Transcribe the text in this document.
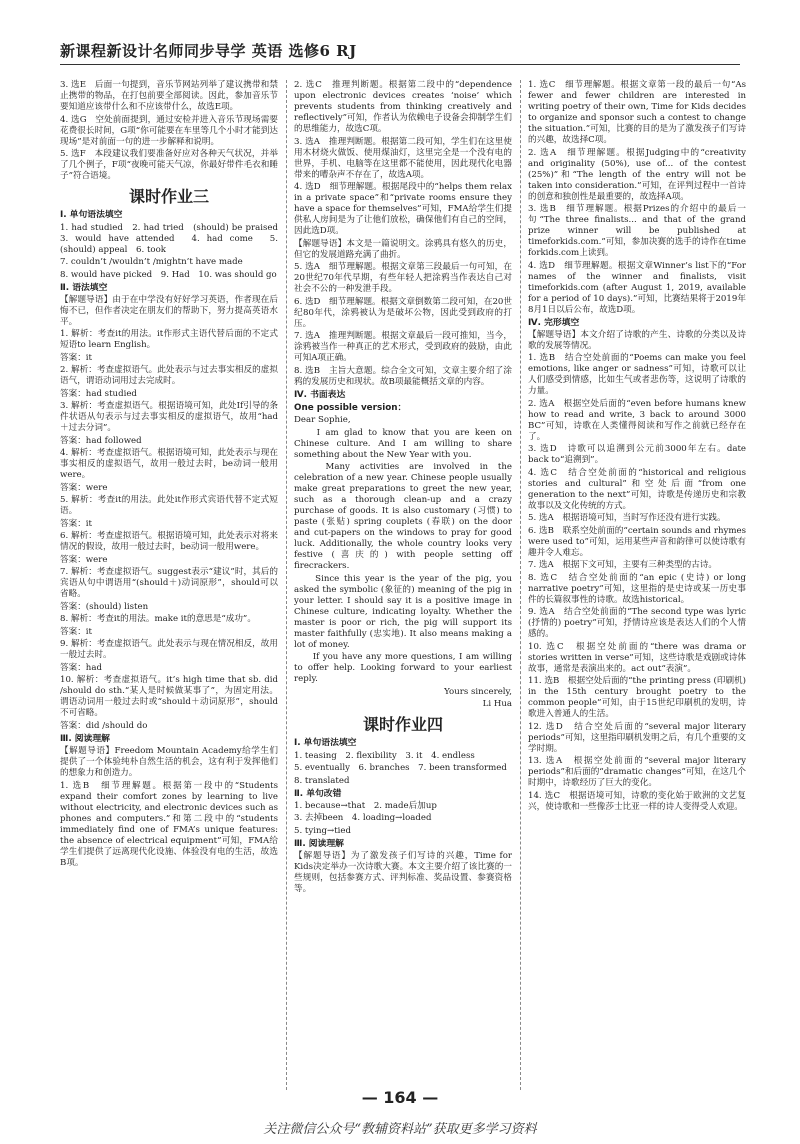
新课程新设计名师同步导学 英语 选修6 RJ
3. 选E　后面一句提到，音乐节网站列举了建议携带和禁止携带的物品，在打包前要全部阅读。因此，参加音乐节要知道应该带什么和不应该带什么，故选E项。
4. 选G　空处前面提到，通过安检并进入音乐节现场需要花费很长时间，G项“你可能要在车里等几个小时才能到达现场”是对前面一句的进一步解释和说明。
5. 选F　本段建议我们要准备好应对各种天气状况，并举了几个例子，F项“夜晚可能天气凉，你最好带件毛衣和睡子”符合语境。
课时作业三
Ⅰ. 单句语法填空
1. had studied　2. had tried　(should) be praised　3. would have attended　4. had come　5. (should) appeal　6. took
7. couldn’t /wouldn’t /mightn’t have made
8. would have picked　9. Had　10. was should go
Ⅱ. 语法填空
【解题导语】由于在中学没有好好学习英语，作者现在后悔不已，但作者决定在朋友们的帮助下，努力提高英语水平。
1. 解析：考查it的用法。it作形式主语代替后面的不定式短语to learn English。
答案：it
2. 解析：考查虚拟语气。此处表示与过去事实相反的虚拟语气，谓语动词用过去完成时。
答案：had studied
3. 解析：考查虚拟语气。根据语境可知，此处If引导的条件状语从句表示与过去事实相反的虚拟语气，故用“had＋过去分词”。
答案：had followed
4. 解析：考查虚拟语气。根据语境可知，此处表示与现在事实相反的虚拟语气，故用一般过去时，be动词一般用were。
答案：were
5. 解析：考查it的用法。此处it作形式宾语代替不定式短语。
答案：it
6. 解析：考查虚拟语气。根据语境可知，此处表示对将来情况的假设，故用一般过去时，be动词一般用were。
答案：were
7. 解析：考查虚拟语气。suggest表示“建议”时，其后的宾语从句中谓语用“(should＋)动词原形”，should可以省略。
答案：(should) listen
8. 解析：考查it的用法。make it的意思是“成功”。
答案：it
9. 解析：考查虚拟语气。此处表示与现在情况相反，故用一般过去时。
答案：had
10. 解析：考查虚拟语气。it’s high time that sb. did /should do sth.“某人是时候做某事了”，为固定用法。谓语动词用一般过去时或“should＋动词原形”，should不可省略。
答案：did /should do
Ⅲ. 阅读理解
【解题导语】Freedom Mountain Academy给学生们提供了一个体验纯朴自然生活的机会，这有利于发挥他们的想象力和创造力。
1. 选B　细节理解题。根据第一段中的“Students expand their comfort zones by learning to live without electricity, and electronic devices such as phones and computers.”和第二段中的“students immediately find one of FMA’s unique features: the absence of electrical equipment”可知，FMA给学生们提供了远离现代化设施、体验没有电的生活，故选B项。
2. 选C　推理判断题。根据第二段中的“dependence upon electronic devices creates ‘noise’ which prevents students from thinking creatively and reflectively”可知，作者认为依赖电子设备会抑制学生们的思维能力，故选C项。
3. 选A　推理判断题。根据第二段可知，学生们在这里使用木材烧火做饭、使用煤油灯，这里完全是一个没有电的世界，手机、电脑等在这里都不能使用，因此现代化电器带来的嘈杂声不存在了，故选A项。
4. 选D　细节理解题。根据尾段中的“helps them relax in a private space”和“private rooms ensure they have a space for themselves”可知，FMA给学生们提供私人房间是为了让他们放松，确保他们有自己的空间，因此选D项。
【解题导语】本文是一篇说明文。涂鸦具有悠久的历史，但它的发展道路充满了曲折。
5. 选A　细节理解题。根据文章第三段最后一句可知，在20世纪70年代早期，有些年轻人把涂鸦当作表达自己对社会不公的一种发泄手段。
6. 选D　细节理解题。根据文章倒数第二段可知，在20世纪80年代，涂鸦被认为是破坏公物，因此受到政府的打压。
7. 选A　推理判断题。根据文章最后一段可推知，当今，涂鸦被当作一种真正的艺术形式，受到政府的鼓励，由此可知A项正确。
8. 选B　主旨大意题。综合全文可知，文章主要介绍了涂鸦的发展历史和现状。故B项最能概括文章的内容。
Ⅳ. 书面表达
One possible version：
Dear Sophie,
　　I am glad to know that you are keen on Chinese culture. And I am willing to share something about the New Year with you.
　　Many activities are involved in the celebration of a new year. Chinese people usually make great preparations to greet the new year, such as a thorough clean-up and a crazy purchase of goods. It is also customary (习惯) to paste (张贴) spring couplets (春联) on the door and cut-papers on the windows to pray for good luck. Additionally, the whole country looks very festive (喜庆的) with people setting off firecrackers.
　　Since this year is the year of the pig, you asked the symbolic (象征的) meaning of the pig in your letter. I should say it is a positive image in Chinese culture, indicating loyalty. Whether the master is poor or rich, the pig will support its master faithfully (忠实地). It also means making a lot of money.
　　If you have any more questions, I am willing to offer help. Looking forward to your earliest reply.
Yours sincerely,
Li Hua
课时作业四
Ⅰ. 单句语法填空
1. teasing　2. flexibility　3. it　4. endless
5. eventually　6. branches　7. been transformed
8. translated
Ⅱ. 单句改错
1. because→that　2. made后加up
3. 去掉been　4. loading→loaded
5. tying→tied
Ⅲ. 阅读理解
【解题导语】为了激发孩子们写诗的兴趣，Time for Kids决定举办一次诗歌大赛。本文主要介绍了该比赛的一些规则，包括参赛方式、评判标准、奖品设置、参赛资格等。
1. 选C　细节理解题。根据文章第一段的最后一句“As fewer and fewer children are interested in writing poetry of their own, Time for Kids decides to organize and sponsor such a contest to change the situation.”可知，比赛的目的是为了激发孩子们写诗的兴趣，故选择C项。
2. 选A　细节理解题。根据Judging中的“creativity and originality (50%), use of... of the contest (25%)”和“The length of the entry will not be taken into consideration.”可知，在评判过程中一首诗的创意和独创性是最重要的，故选择A项。
3. 选B　细节理解题。根据Prizes的介绍中的最后一句“The three finalists... and that of the grand prize winner will be published at timeforkids.com.”可知，参加决赛的选手的诗作在time forkids.com上读到。
4. 选D　细节理解题。根据文章Winner’s list下的“For names of the winner and finalists, visit timeforkids.com (after August 1, 2019, available for a period of 10 days).”可知，比赛结果将于2019年8月1日以后公布，故选D项。
Ⅳ. 完形填空
【解题导语】本文介绍了诗歌的产生、诗歌的分类以及诗歌的发展等情况。
1. 选B　结合空处前面的“Poems can make you feel emotions, like anger or sadness”可知，诗歌可以让人们感受到情感，比如生气或者悲伤等，这说明了诗歌的力量。
2. 选A　根据空处后面的“even before humans knew how to read and write, 3 back to around 3000 BC”可知，诗歌在人类懂得阅读和写作之前就已经存在了。
3. 选D　诗歌可以追溯到公元前3000年左右。date back to“追溯到”。
4. 选C　结合空处前面的“historical and religious stories and cultural”和空处后面“from one generation to the next”可知，诗歌是传递历史和宗教故事以及文化传统的方式。
5. 选A　根据语境可知，当时写作还没有进行实践。
6. 选B　联系空处前面的“certain sounds and rhymes were used to”可知，运用某些声音和韵律可以使诗歌有趣并令人难忘。
7. 选A　根据下文可知，主要有三种类型的古诗。
8. 选C　结合空处前面的“an epic (史诗) or long narrative poetry”可知，这里指的是史诗或某一历史事件的长篇叙事性的诗歌。故选historical。
9. 选A　结合空处前面的“The second type was lyric (抒情的) poetry”可知，抒情诗应该是表达人们的个人情感的。
10. 选C　根据空处前面的“there was drama or stories written in verse”可知，这些诗歌是戏剧或诗体故事，通常是表演出来的。act out“表演”。
11. 选B　根据空处后面的“the printing press (印刷机) in the 15th century brought poetry to the common people”可知，由于15世纪印刷机的发明，诗歌进入普通人的生活。
12. 选D　结合空处后面的“several major literary periods”可知，这里指印刷机发明之后，有几个重要的文学时期。
13. 选A　根据空处前面的“several major literary periods”和后面的“dramatic changes”可知，在这几个时期中，诗歌经历了巨大的变化。
14. 选C　根据语境可知，诗歌的变化始于欧洲的文艺复兴，使诗歌和一些像莎士比亚一样的诗人变得受人欢迎。
— 164 —
关注微信公众号“教辅资料站”获取更多学习资料
